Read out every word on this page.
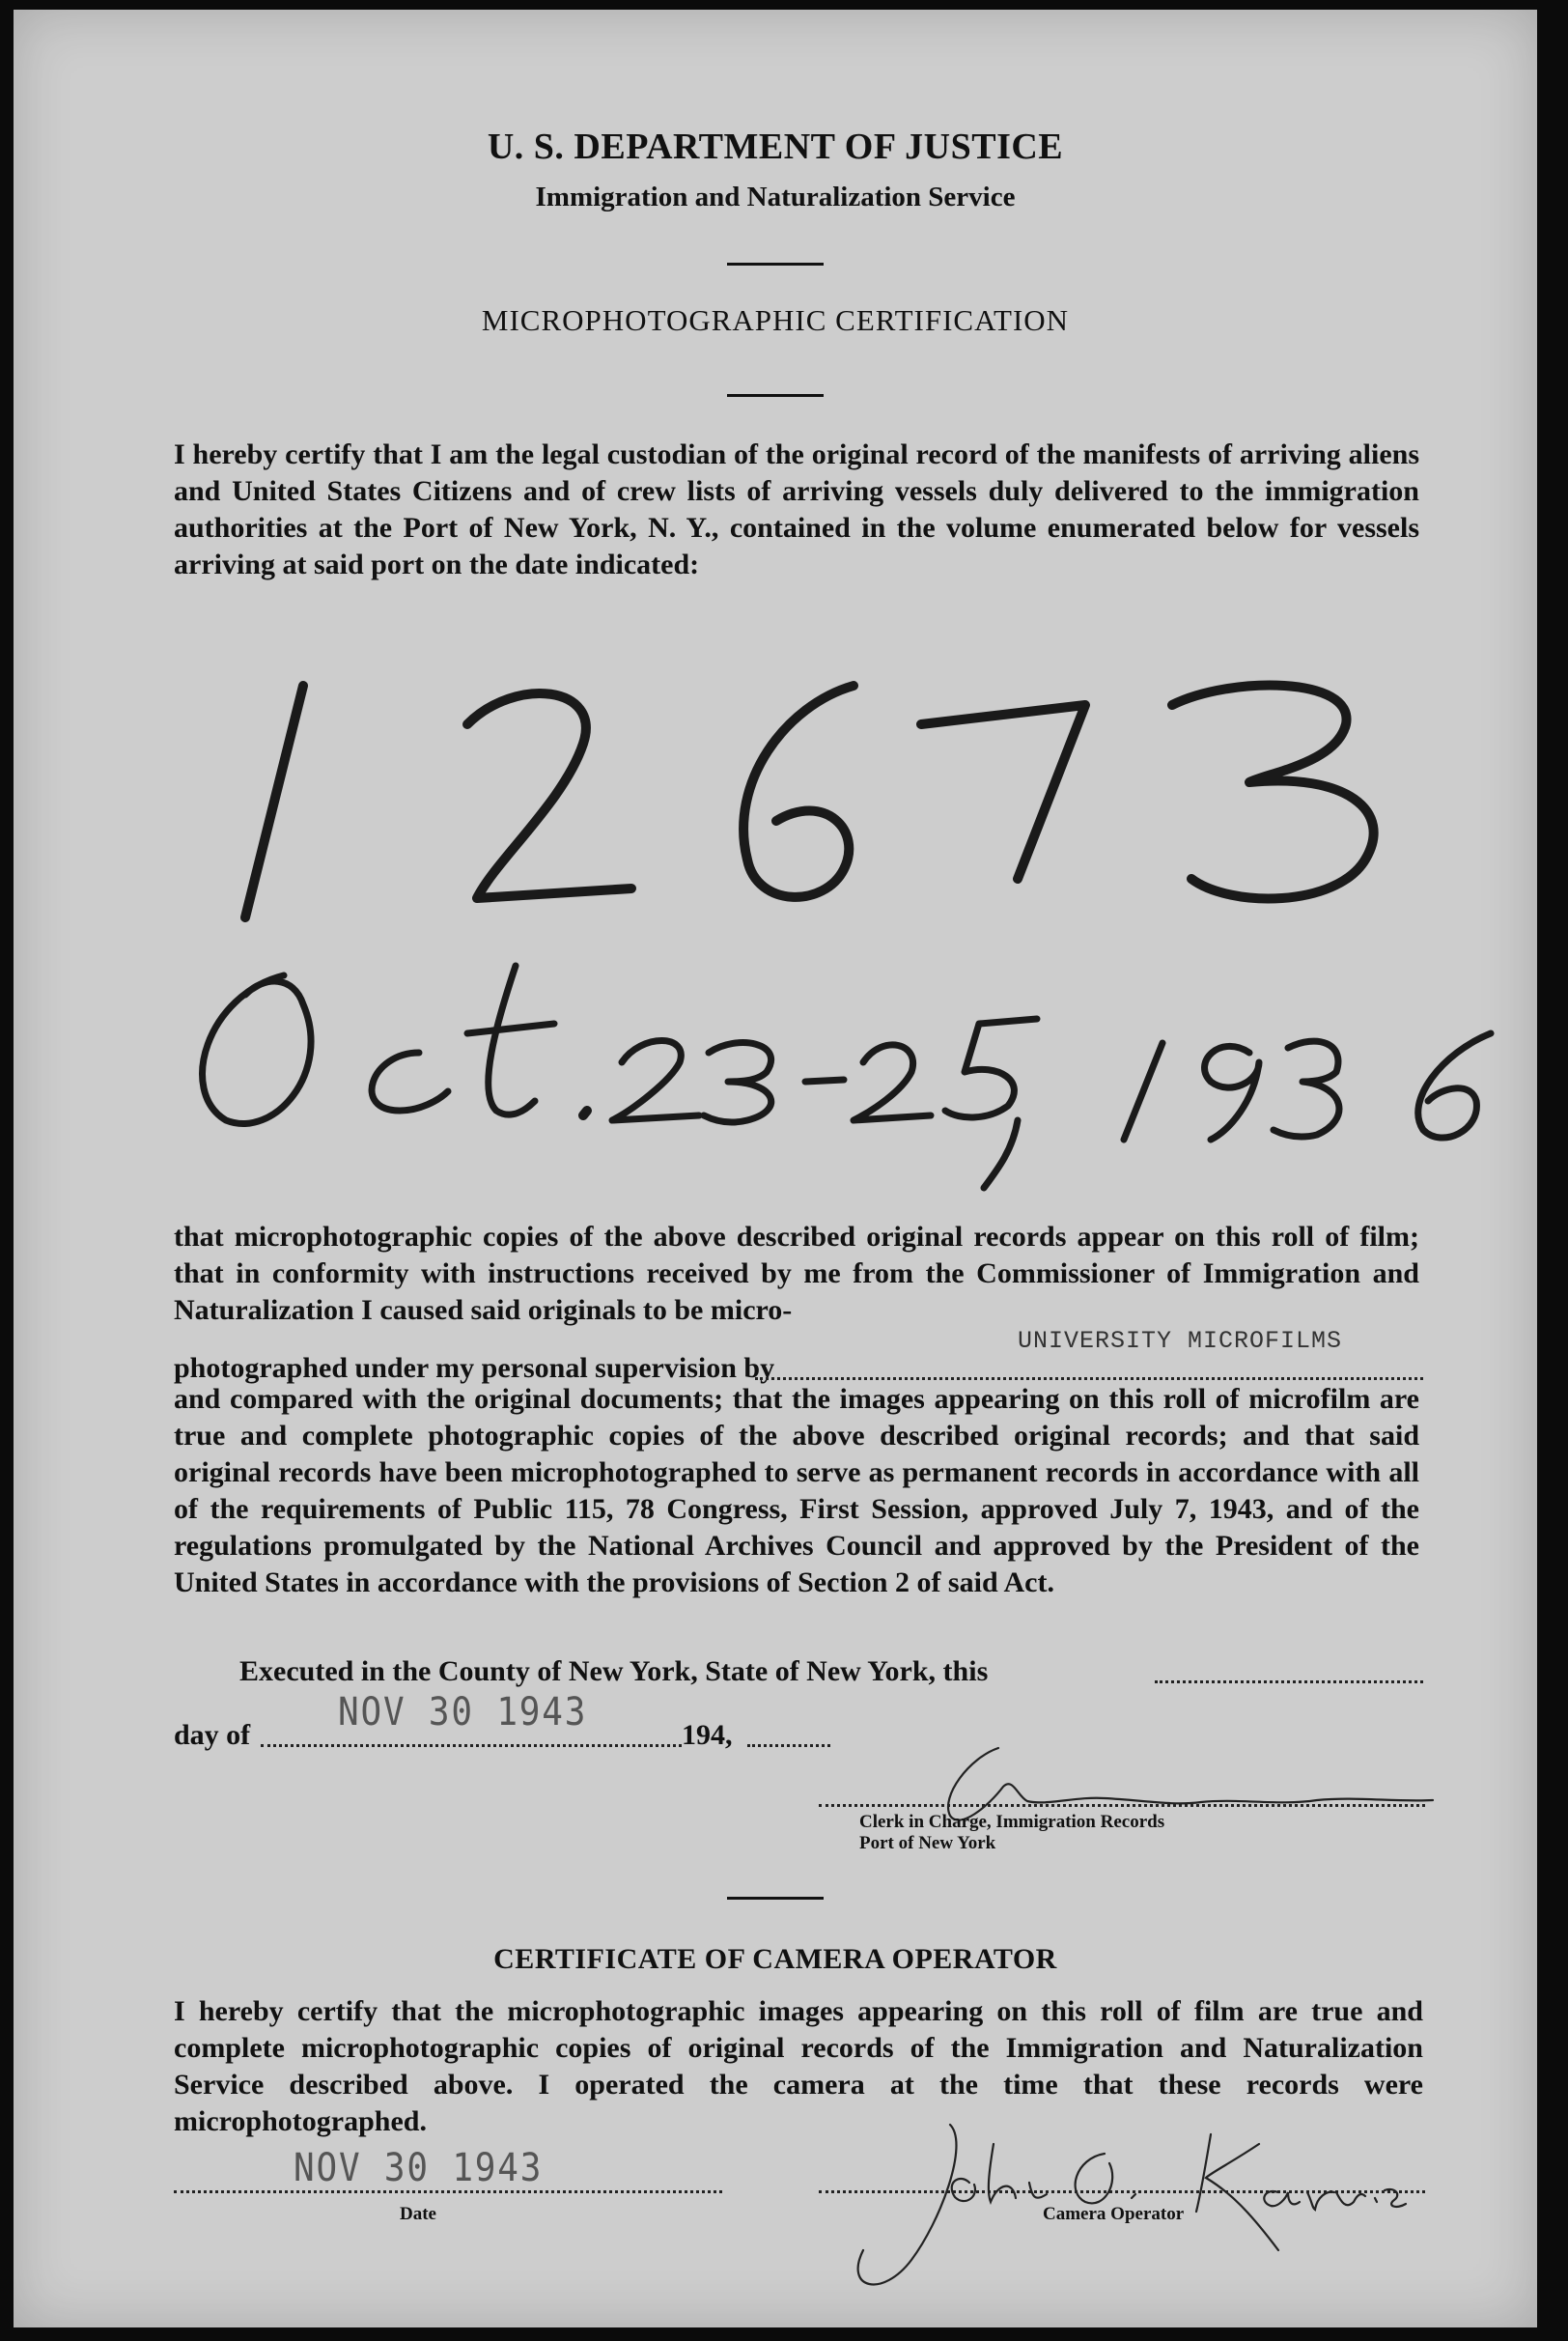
U. S. DEPARTMENT OF JUSTICE
Immigration and Naturalization Service
MICROPHOTOGRAPHIC CERTIFICATION
I hereby certify that I am the legal custodian of the original record of the manifests of arriving aliens and United States Citizens and of crew lists of arriving vessels duly delivered to the immigration authorities at the Port of New York, N. Y., contained in the volume enumerated below for vessels arriving at said port on the date indicated:
that microphotographic copies of the above described original records appear on this roll of film; that in conformity with instructions received by me from the Commissioner of Immigration and Naturalization I caused said originals to be micro-
photographed under my personal supervision by
UNIVERSITY MICROFILMS
and compared with the original documents; that the images appearing on this roll of microfilm are true and complete photographic copies of the above described original records; and that said original records have been microphotographed to serve as permanent records in accordance with all of the requirements of Public 115, 78 Congress, First Session, approved July 7, 1943, and of the regulations promulgated by the National Archives Council and approved by the President of the United States in accordance with the provisions of Section 2 of said Act.
Executed in the County of New York, State of New York, this
day of	194,
NOV 30 1943
Clerk in Charge, Immigration Records
Port of New York
CERTIFICATE OF CAMERA OPERATOR
I hereby certify that the microphotographic images appearing on this roll of film are true and complete microphotographic copies of original records of the Immigration and Naturalization Service described above. I operated the camera at the time that these records were microphotographed.
NOV 30 1943
Date	Camera Operator
